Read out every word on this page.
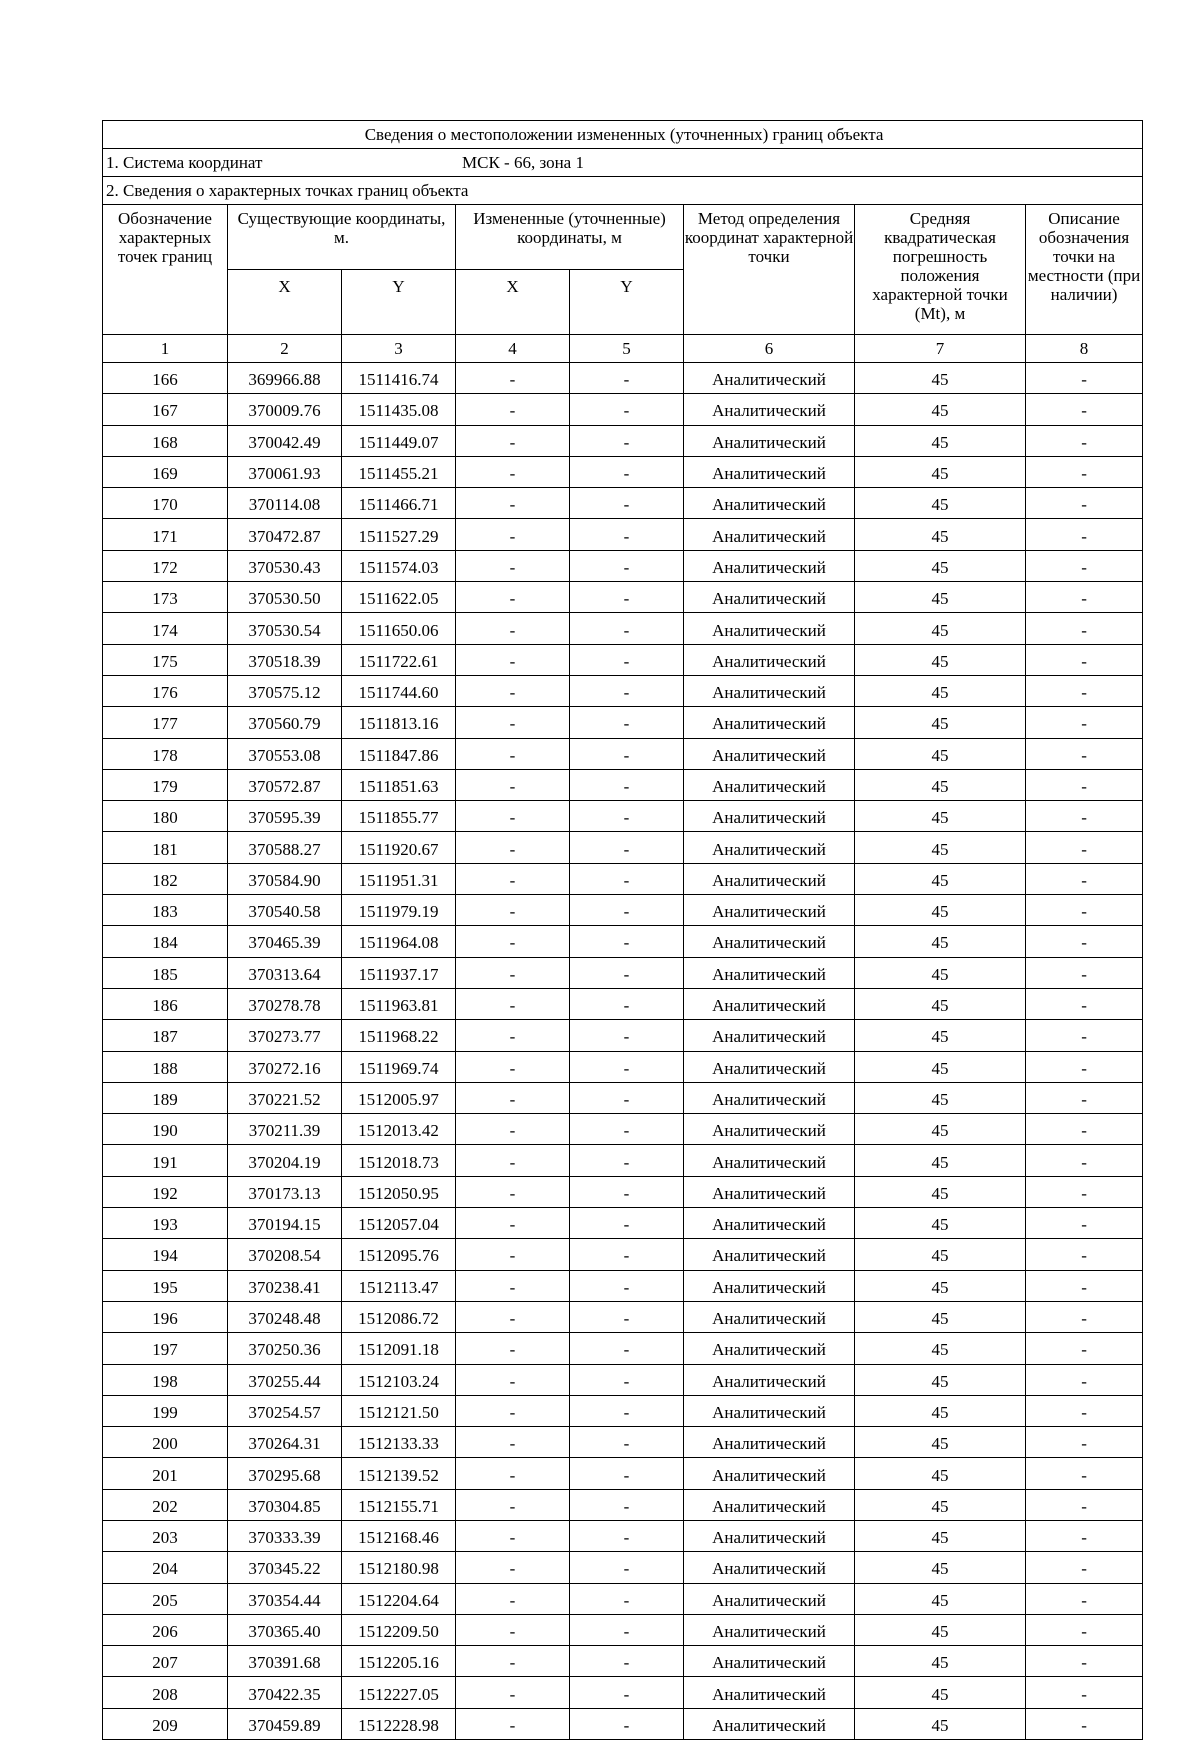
Сведения о местоположении измененных (уточненных) границ объекта							

1. Система координат МСК - 66, зона 1							

2. Сведения о характерных точках границ объекта							
Обозначение характерных точек границ	Существующие координаты, м.		Измененные (уточненные) координаты, м		Метод определения координат характерной точки	Средняя квадратическая погрешность положения характерной точки (Mt), м	Описание обозначения точки на местности (при наличии)
	X	Y	X	Y			
1	2	3	4	5	6	7	8
166	369966.88	1511416.74	-	-	Аналитический	45	-
167	370009.76	1511435.08	-	-	Аналитический	45	-
168	370042.49	1511449.07	-	-	Аналитический	45	-
169	370061.93	1511455.21	-	-	Аналитический	45	-
170	370114.08	1511466.71	-	-	Аналитический	45	-
171	370472.87	1511527.29	-	-	Аналитический	45	-
172	370530.43	1511574.03	-	-	Аналитический	45	-
173	370530.50	1511622.05	-	-	Аналитический	45	-
174	370530.54	1511650.06	-	-	Аналитический	45	-
175	370518.39	1511722.61	-	-	Аналитический	45	-
176	370575.12	1511744.60	-	-	Аналитический	45	-
177	370560.79	1511813.16	-	-	Аналитический	45	-
178	370553.08	1511847.86	-	-	Аналитический	45	-
179	370572.87	1511851.63	-	-	Аналитический	45	-
180	370595.39	1511855.77	-	-	Аналитический	45	-
181	370588.27	1511920.67	-	-	Аналитический	45	-
182	370584.90	1511951.31	-	-	Аналитический	45	-
183	370540.58	1511979.19	-	-	Аналитический	45	-
184	370465.39	1511964.08	-	-	Аналитический	45	-
185	370313.64	1511937.17	-	-	Аналитический	45	-
186	370278.78	1511963.81	-	-	Аналитический	45	-
187	370273.77	1511968.22	-	-	Аналитический	45	-
188	370272.16	1511969.74	-	-	Аналитический	45	-
189	370221.52	1512005.97	-	-	Аналитический	45	-
190	370211.39	1512013.42	-	-	Аналитический	45	-
191	370204.19	1512018.73	-	-	Аналитический	45	-
192	370173.13	1512050.95	-	-	Аналитический	45	-
193	370194.15	1512057.04	-	-	Аналитический	45	-
194	370208.54	1512095.76	-	-	Аналитический	45	-
195	370238.41	1512113.47	-	-	Аналитический	45	-
196	370248.48	1512086.72	-	-	Аналитический	45	-
197	370250.36	1512091.18	-	-	Аналитический	45	-
198	370255.44	1512103.24	-	-	Аналитический	45	-
199	370254.57	1512121.50	-	-	Аналитический	45	-
200	370264.31	1512133.33	-	-	Аналитический	45	-
201	370295.68	1512139.52	-	-	Аналитический	45	-
202	370304.85	1512155.71	-	-	Аналитический	45	-
203	370333.39	1512168.46	-	-	Аналитический	45	-
204	370345.22	1512180.98	-	-	Аналитический	45	-
205	370354.44	1512204.64	-	-	Аналитический	45	-
206	370365.40	1512209.50	-	-	Аналитический	45	-
207	370391.68	1512205.16	-	-	Аналитический	45	-
208	370422.35	1512227.05	-	-	Аналитический	45	-
209	370459.89	1512228.98	-	-	Аналитический	45	-
